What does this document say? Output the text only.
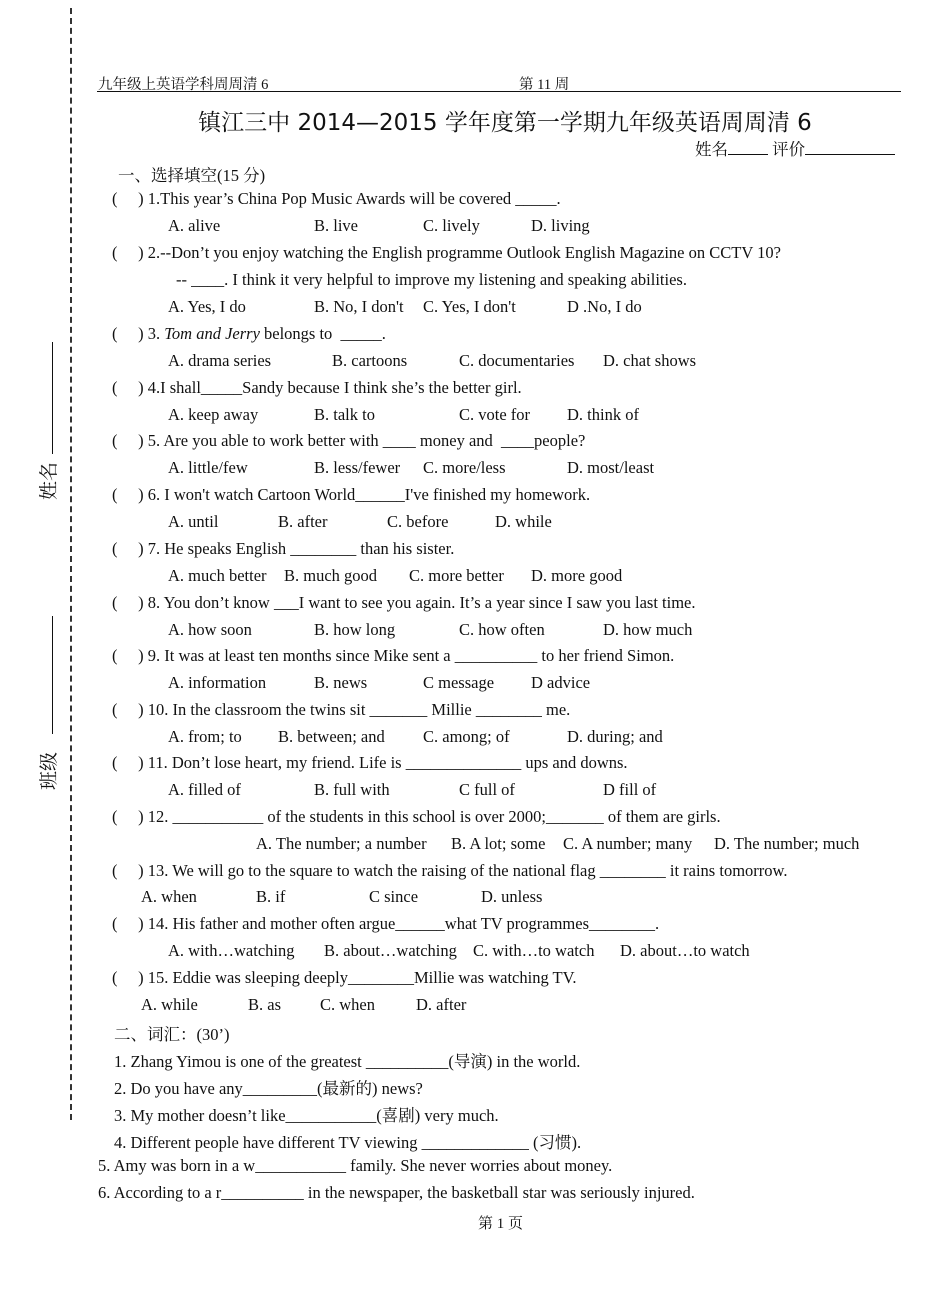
姓名
班级
九年级上英语学科周周清 6	第 11 周
镇江三中 2014—2015 学年度第一学期九年级英语周周清 6
姓名	评价
一、选择填空(15 分)
(     ) 1.This year’s China Pop Music Awards will be covered _____.
A. alive	B. live	C. lively	D. living
(     ) 2.--Don’t you enjoy watching the English programme Outlook English Magazine on CCTV 10?
-- ____. I think it very helpful to improve my listening and speaking abilities.
A. Yes, I do	B. No, I don't C. Yes, I don't	D .No, I do
(     ) 3. Tom and Jerry belongs to  _____.
A. drama series	B. cartoons	C. documentaries D. chat shows
(     ) 4.I shall_____Sandy because I think she’s the better girl.
A. keep away	B. talk to	C. vote for D. think of
(     ) 5. Are you able to work better with ____ money and  ____people?
A. little/few	B. less/fewer C. more/less	D. most/least
(     ) 6. I won't watch Cartoon World______I've finished my homework.
A. until	B. after	C. before	D. while
(     ) 7. He speaks English ________ than his sister.
A. much better B. much good C. more better D. more good
(     ) 8. You don’t know ___I want to see you again. It’s a year since I saw you last time.
A. how soon	B. how long	C. how often	D. how much
(     ) 9. It was at least ten months since Mike sent a __________ to her friend Simon.
A. information	B. news	C message D advice
(     ) 10. In the classroom the twins sit _______ Millie ________ me.
A. from; to B. between; and C. among; of	D. during; and
(     ) 11. Don’t lose heart, my friend. Life is ______________ ups and downs.
A. filled of	B. full with	C full of	D fill of
(     ) 12. ___________ of the students in this school is over 2000;_______ of them are girls.
A. The number; a number B. A lot; some C. A number; many D. The number; much
(     ) 13. We will go to the square to watch the raising of the national flag ________ it rains tomorrow.
A. when	B. if	C since	D. unless
(     ) 14. His father and mother often argue______what TV programmes________.
A. with…watching B. about…watching C. with…to watch D. about…to watch
(     ) 15. Eddie was sleeping deeply________Millie was watching TV.
A. while	B. as C. when D. after
二、词汇：(30’)
1. Zhang Yimou is one of the greatest __________(导演) in the world.
2. Do you have any_________(最新的) news?
3. My mother doesn’t like___________(喜剧) very much.
4. Different people have different TV viewing _____________ (习惯).
5. Amy was born in a w___________ family. She never worries about money.
6. According to a r__________ in the newspaper, the basketball star was seriously injured.
第 1 页
